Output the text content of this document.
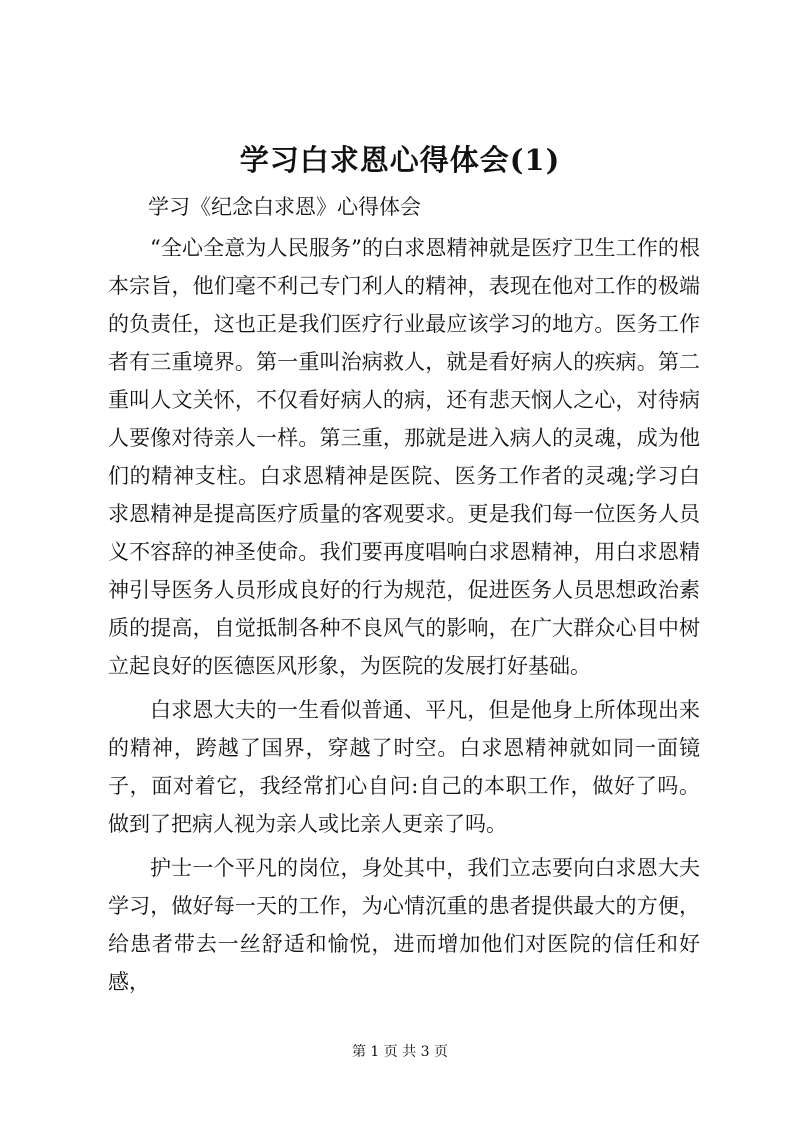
学习白求恩心得体会(1)
学习《纪念白求恩》心得体会

“全心全意为人民服务”的白求恩精神就是医疗卫生工作的根本宗旨，他们毫不利己专门利人的精神，表现在他对工作的极端的负责任，这也正是我们医疗行业最应该学习的地方。医务工作者有三重境界。第一重叫治病救人，就是看好病人的疾病。第二重叫人文关怀，不仅看好病人的病，还有悲天悯人之心，对待病人要像对待亲人一样。第三重，那就是进入病人的灵魂，成为他们的精神支柱。白求恩精神是医院、医务工作者的灵魂;学习白求恩精神是提高医疗质量的客观要求。更是我们每一位医务人员义不容辞的神圣使命。我们要再度唱响白求恩精神，用白求恩精神引导医务人员形成良好的行为规范，促进医务人员思想政治素质的提高，自觉抵制各种不良风气的影响，在广大群众心目中树立起良好的医德医风形象，为医院的发展打好基础。

白求恩大夫的一生看似普通、平凡，但是他身上所体现出来的精神，跨越了国界，穿越了时空。白求恩精神就如同一面镜子，面对着它，我经常扪心自问:自己的本职工作，做好了吗。做到了把病人视为亲人或比亲人更亲了吗。

护士一个平凡的岗位，身处其中，我们立志要向白求恩大夫学习，做好每一天的工作，为心情沉重的患者提供最大的方便，给患者带去一丝舒适和愉悦，进而增加他们对医院的信任和好感，

第 1 页 共 3 页
